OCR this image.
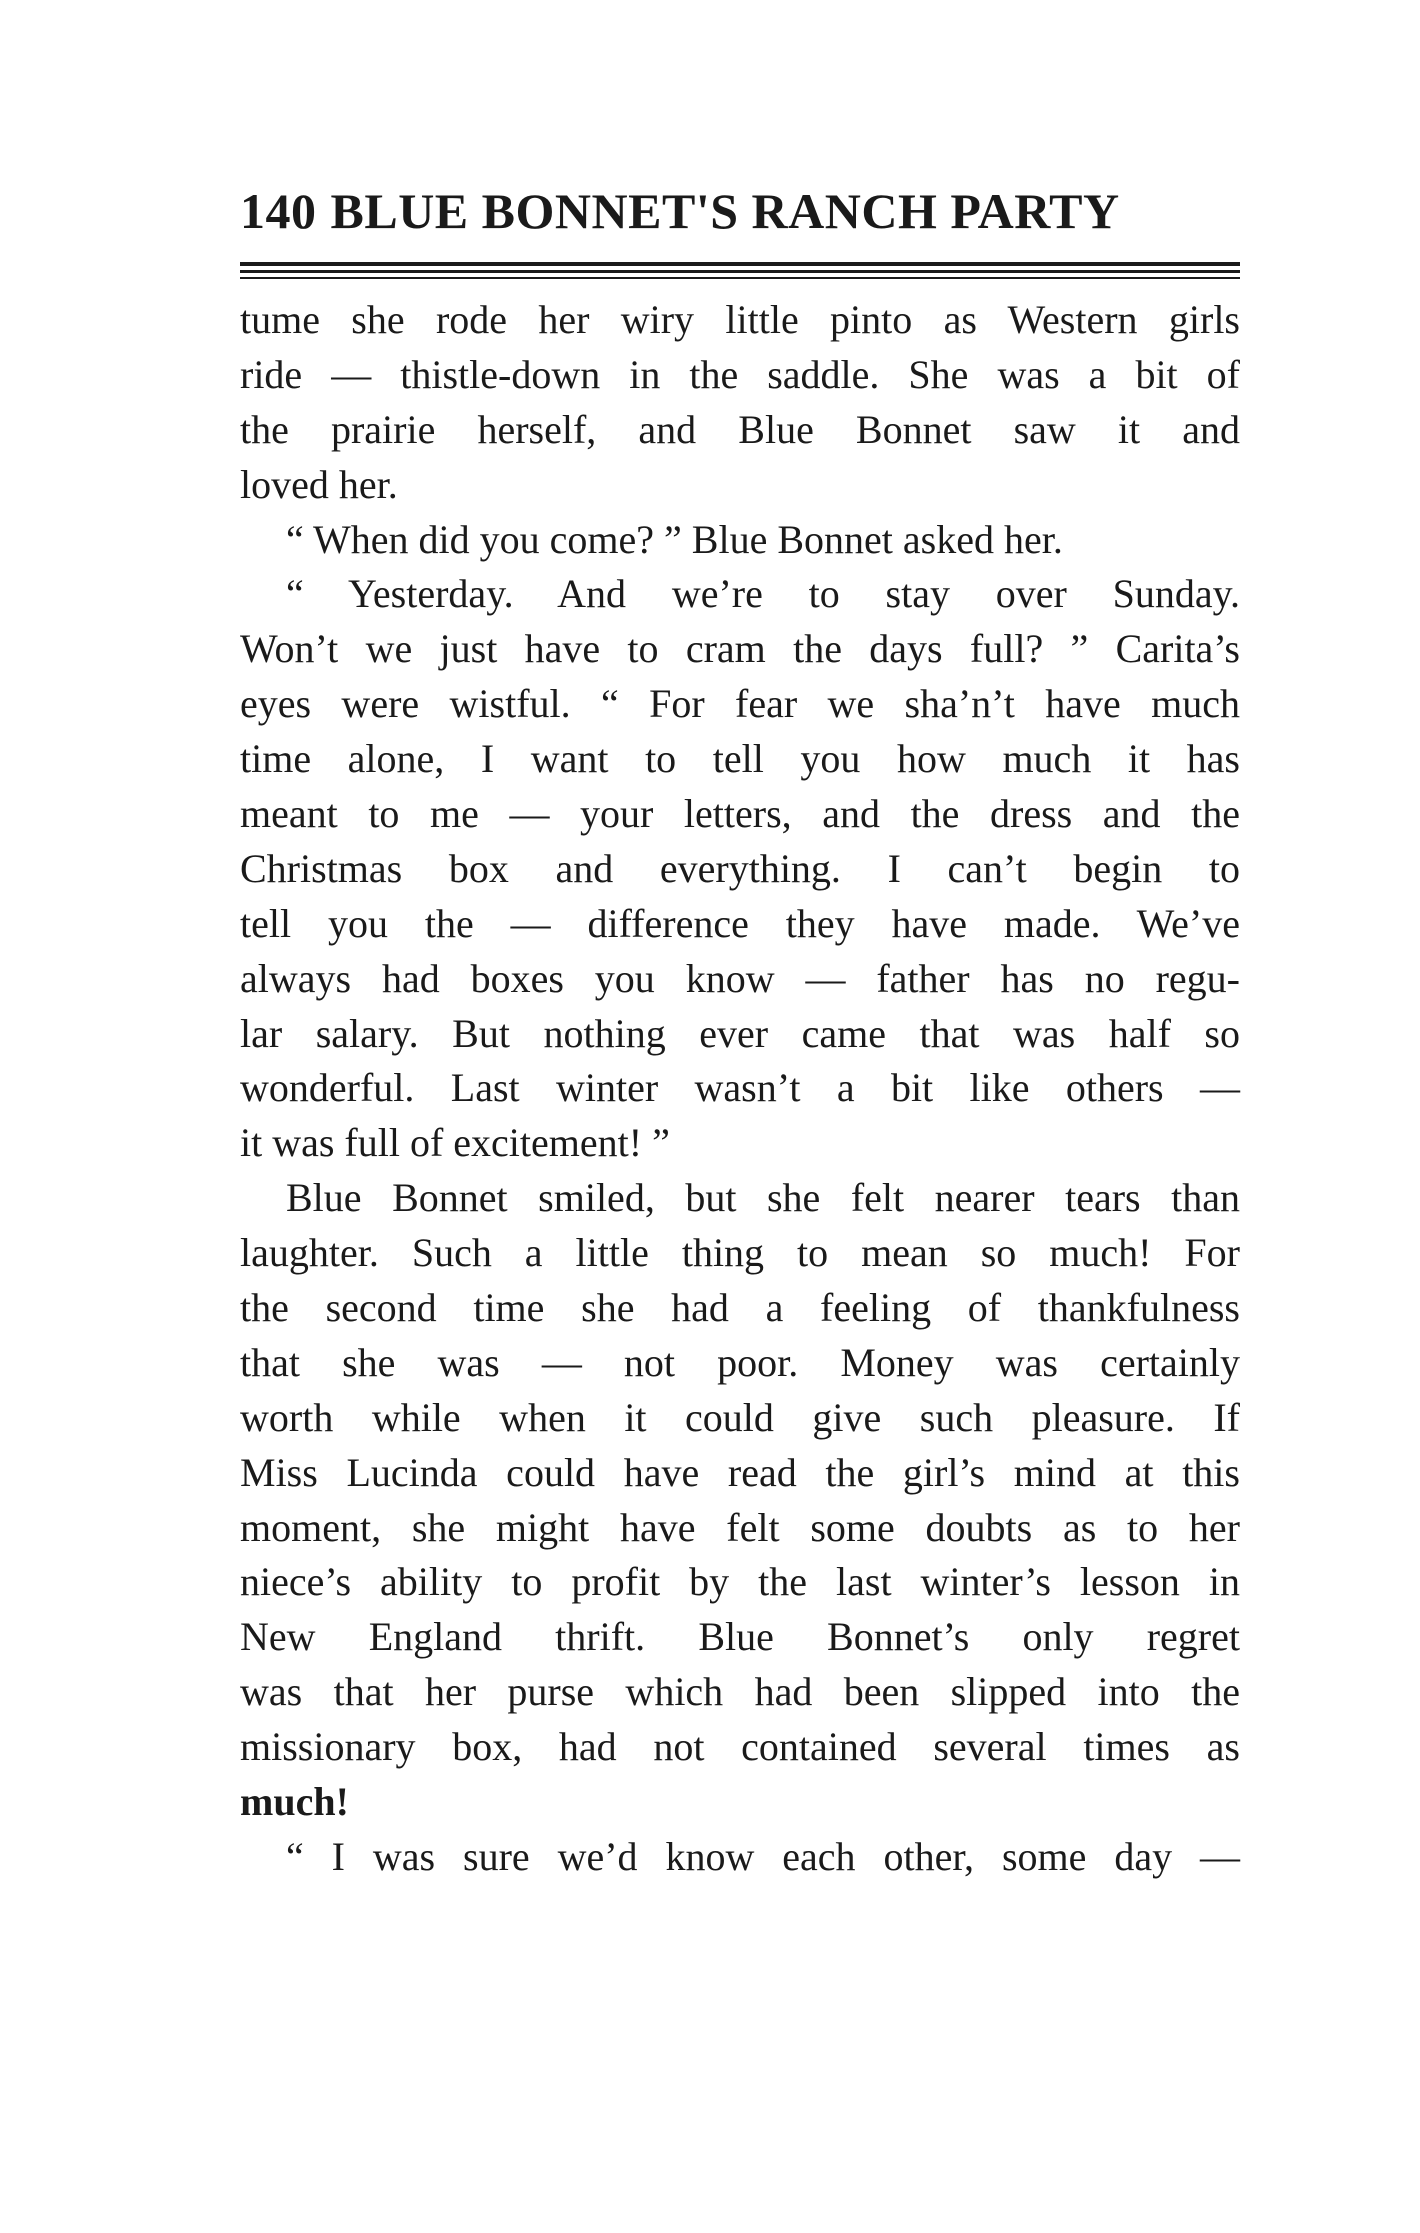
140 BLUE BONNET'S RANCH PARTY
tume she rode her wiry little pinto as Western girls
ride — thistle-down in the saddle. She was a bit of
the prairie herself, and Blue Bonnet saw it and
loved her.
“ When did you come? ” Blue Bonnet asked her.
“ Yesterday. And we’re to stay over Sunday.
Won’t we just have to cram the days full? ” Carita’s
eyes were wistful. “ For fear we sha’n’t have much
time alone, I want to tell you how much it has
meant to me — your letters, and the dress and the
Christmas box and everything. I can’t begin to
tell you the — difference they have made. We’ve
always had boxes you know — father has no regu-
lar salary. But nothing ever came that was half so
wonderful. Last winter wasn’t a bit like others —
it was full of excitement! ”
Blue Bonnet smiled, but she felt nearer tears than
laughter. Such a little thing to mean so much! For
the second time she had a feeling of thankfulness
that she was — not poor. Money was certainly
worth while when it could give such pleasure. If
Miss Lucinda could have read the girl’s mind at this
moment, she might have felt some doubts as to her
niece’s ability to profit by the last winter’s lesson in
New England thrift. Blue Bonnet’s only regret
was that her purse which had been slipped into the
missionary box, had not contained several times as
much!
“ I was sure we’d know each other, some day —
